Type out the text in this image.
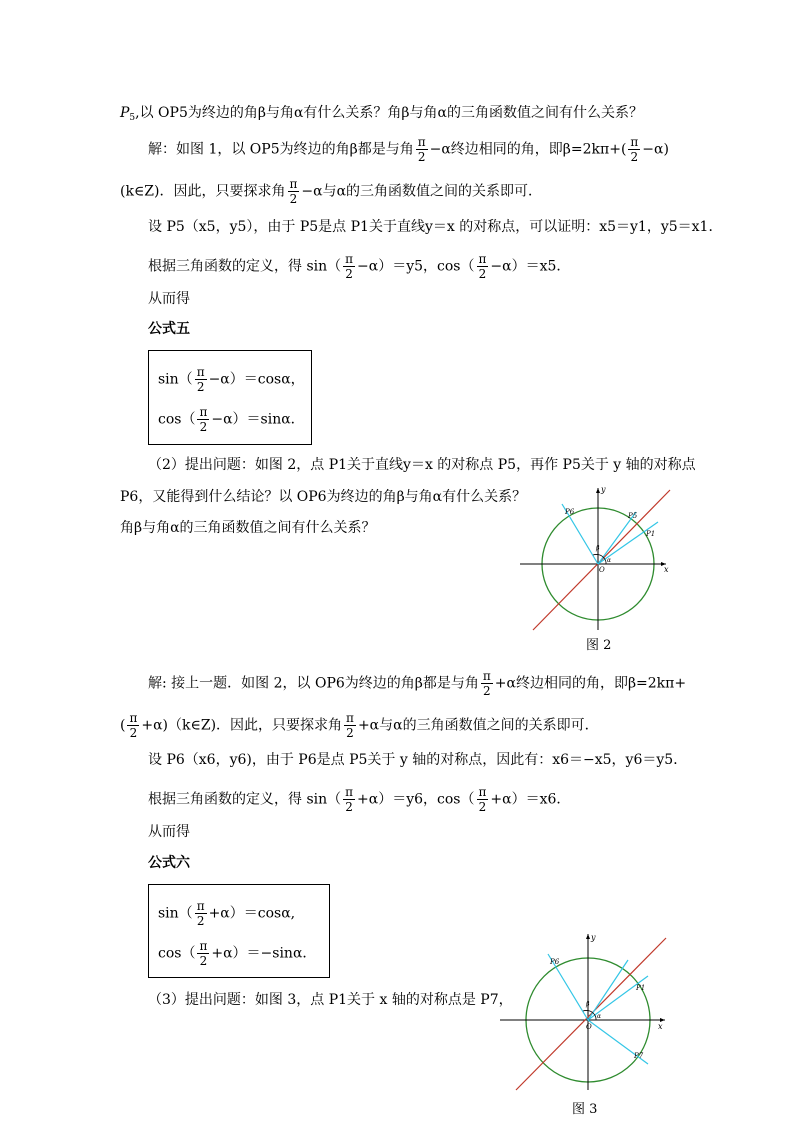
$P_5$,以 OP5为终边的角β与角α有什么关系？角β与角α的三角函数值之间有什么关系？
解：如图 1，以 OP5为终边的角β都是与角 $\frac{\pi}{2} -\alpha$终边相同的角，即$\beta=2k\pi+( \frac{\pi}{2} -\alpha)$
(k∈Z)．因此，只要探求角 $\frac{\pi}{2} -\alpha$与α的三角函数值之间的关系即可．
设 P5（x5，y5），由于 P5是点 P1关于直线y＝x 的对称点，可以证明：x5＝y1，y5＝x1．
根据三角函数的定义，得 $\sin( \frac{\pi}{2} -\alpha)=y5$，$\cos( \frac{\pi}{2} -\alpha)=x5$．
从而得
公式五
$\sin( \frac{\pi}{2} -\alpha)=\cos\alpha$，
$\cos( \frac{\pi}{2} -\alpha)=\sin\alpha$．
（2）提出问题：如图 2，点 P1关于直线y＝x 的对称点 P5，再作 P5关于 y 轴的对称点
P6，又能得到什么结论？以 OP6为终边的角β与角α有什么关系？
角β与角α的三角函数值之间有什么关系？
x
y
O
P1
P5
P6
α
β
图 2
解: 接上一题．如图 2，以 OP6为终边的角β都是与角 $\frac{\pi}{2} +\alpha$终边相同的角，即β=2kπ+
( $\frac{\pi}{2}$ +α)（k∈Z)．因此，只要探求角 $\frac{\pi}{2} +\alpha$与α的三角函数值之间的关系即可．
设 P6（x6，y6)，由于 P6是点 P5关于 y 轴的对称点，因此有：x6＝−x5，y6＝y5．
根据三角函数的定义，得 $\sin( \frac{\pi}{2} +\alpha)=y6$，$\cos( \frac{\pi}{2} +\alpha)=x6$．
从而得
公式六
$\sin( \frac{\pi}{2} +\alpha)=\cos\alpha$,
$\cos( \frac{\pi}{2} +\alpha)=-\sin\alpha$．
（3）提出问题：如图 3，点 P1关于 x 轴的对称点是 P7，
x
y
O
P1
P7
P6
α
β
图 3
